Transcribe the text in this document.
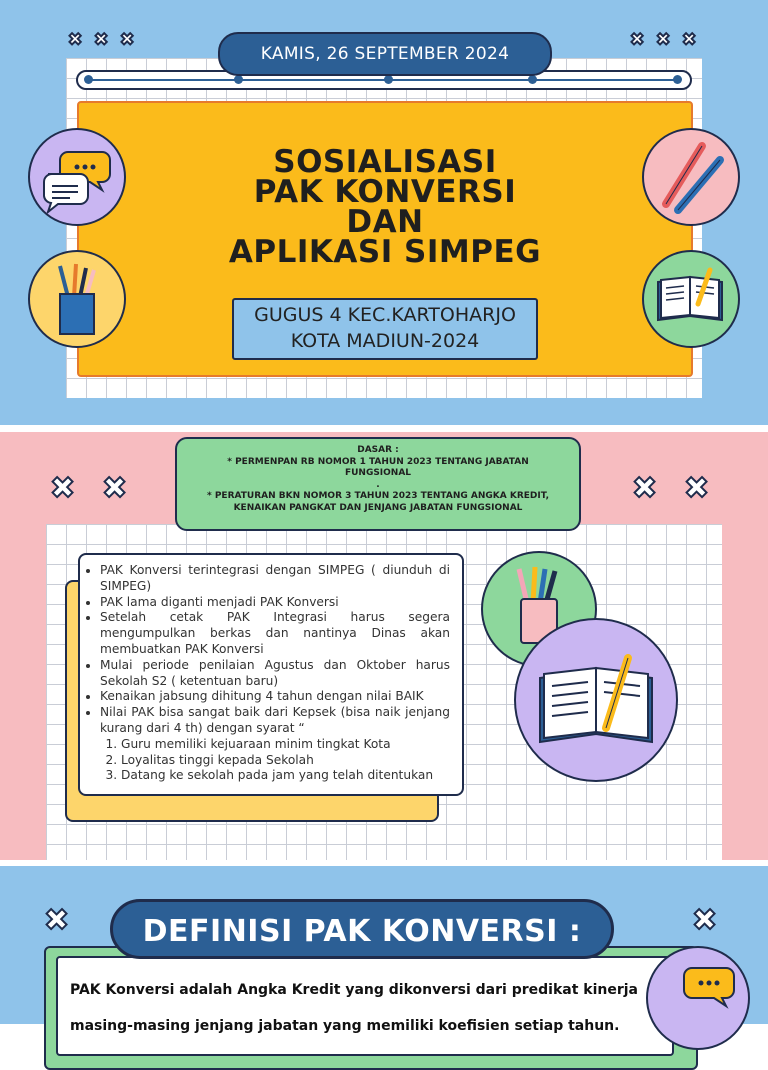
✖ ✖ ✖	✖ ✖ ✖
KAMIS, 26 SEPTEMBER 2024
SOSIALISASI
PAK KONVERSI
DAN
APLIKASI SIMPEG
GUGUS 4 KEC.KARTOHARJO
KOTA MADIUN-2024
✖ ✖	✖ ✖
DASAR :
* PERMENPAN RB NOMOR 1 TAHUN 2023 TENTANG JABATAN FUNGSIONAL
.
* PERATURAN BKN NOMOR 3 TAHUN 2023 TENTANG ANGKA KREDIT, KENAIKAN PANGKAT DAN JENJANG JABATAN FUNGSIONAL
• PAK Konversi terintegrasi dengan SIMPEG ( diunduh di SIMPEG)
• PAK lama diganti menjadi PAK Konversi
• Setelah cetak PAK Integrasi harus segera mengumpulkan berkas dan nantinya Dinas akan membuatkan PAK Konversi
• Mulai periode penilaian Agustus dan Oktober harus Sekolah S2 ( ketentuan baru)
• Kenaikan jabsung dihitung 4 tahun dengan nilai BAIK
• Nilai PAK bisa sangat baik dari Kepsek (bisa naik jenjang kurang dari 4 th) dengan syarat “
1. Guru memiliki kejuaraan minim tingkat Kota
2. Loyalitas tinggi kepada Sekolah
3. Datang ke sekolah pada jam yang telah ditentukan
✖	✖
PAK Konversi adalah Angka Kredit yang dikonversi dari predikat kinerja
masing-masing jenjang jabatan yang memiliki koefisien setiap tahun.
DEFINISI PAK KONVERSI :
